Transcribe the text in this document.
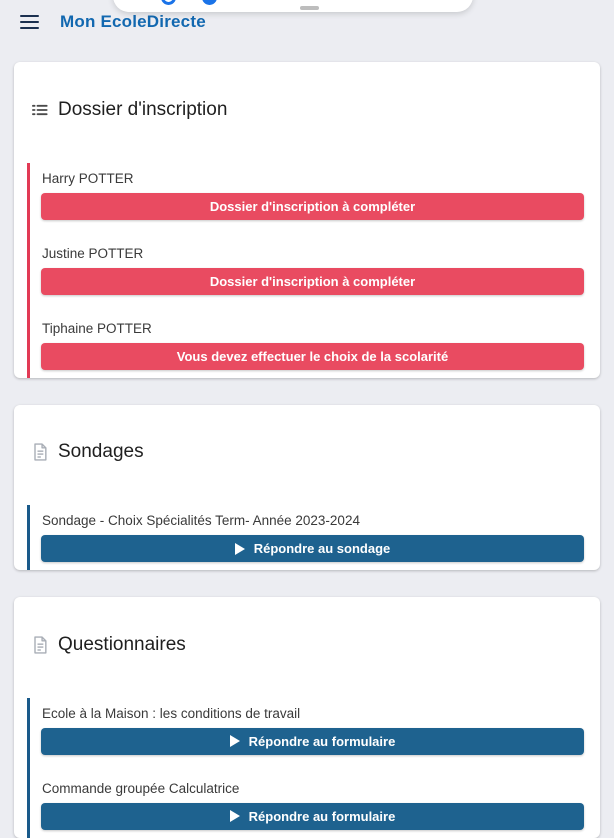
Mon EcoleDirecte
Dossier d'inscription
Harry POTTER
Dossier d'inscription à compléter
Justine POTTER
Dossier d'inscription à compléter
Tiphaine POTTER
Vous devez effectuer le choix de la scolarité
Sondages
Sondage - Choix Spécialités Term- Année 2023-2024
Répondre au sondage
Questionnaires
Ecole à la Maison : les conditions de travail
Répondre au formulaire
Commande groupée Calculatrice
Répondre au formulaire
